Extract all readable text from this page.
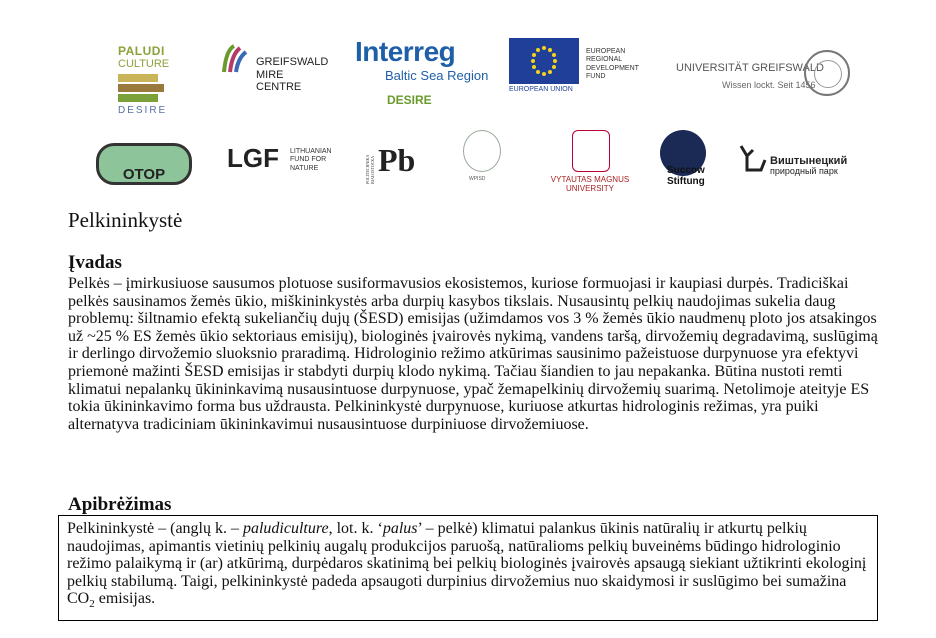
PALUDI
CULTURE
DESIRE
GREIFSWALD
MIRE
CENTRE
Interreg
Baltic Sea Region
DESIRE
EUROPEAN UNION
EUROPEAN REGIONAL DEVELOPMENT FUND
UNIVERSITÄT GREIFSWALD
Wissen lockt. Seit 1456
OTOP
LGF	LITHUANIAN FUND FOR NATURE	Pb
POLITECHNIKA BIAŁOSTOCKA	WPISD	VYTAUTAS MAGNUS UNIVERSITY
Succow
Stiftung
Виштынецкий
природный парк
Pelkininkystė
Įvadas
Pelkės – įmirkusiuose sausumos plotuose susiformavusios ekosistemos, kuriose formuojasi ir kaupiasi durpės. Tradiciškai pelkės sausinamos žemės ūkio, miškininkystės arba durpių kasybos tikslais. Nusausintų pelkių naudojimas sukelia daug problemų: šiltnamio efektą sukeliančių dujų (ŠESD) emisijas (užimdamos vos 3 % žemės ūkio naudmenų ploto jos atsakingos už ~25 % ES žemės ūkio sektoriaus emisijų), biologinės įvairovės nykimą, vandens taršą, dirvožemių degradavimą, suslūgimą ir derlingo dirvožemio sluoksnio praradimą. Hidrologinio režimo atkūrimas sausinimo pažeistuose durpynuose yra efektyvi priemonė mažinti ŠESD emisijas ir stabdyti durpių klodo nykimą. Tačiau šiandien to jau nepakanka. Būtina nustoti remti klimatui nepalankų ūkininkavimą nusausintuose durpynuose, ypač žemapelkinių dirvožemių suarimą. Netolimoje ateityje ES tokia ūkininkavimo forma bus uždrausta. Pelkininkystė durpynuose, kuriuose atkurtas hidrologinis režimas, yra puiki alternatyva tradiciniam ūkininkavimui nusausintuose durpiniuose dirvožemiuose.
Apibrėžimas
Pelkininkystė – (anglų k. – paludiculture, lot. k. ‘palus’ – pelkė) klimatui palankus ūkinis natūralių ir atkurtų pelkių naudojimas, apimantis vietinių pelkinių augalų produkcijos paruošą, natūralioms pelkių buveinėms būdingo hidrologinio režimo palaikymą ir (ar) atkūrimą, durpėdaros skatinimą bei pelkių biologinės įvairovės apsaugą siekiant užtikrinti ekologinį pelkių stabilumą. Taigi, pelkininkystė padeda apsaugoti durpinius dirvožemius nuo skaidymosi ir suslūgimo bei sumažina $CO_2$ emisijas.
